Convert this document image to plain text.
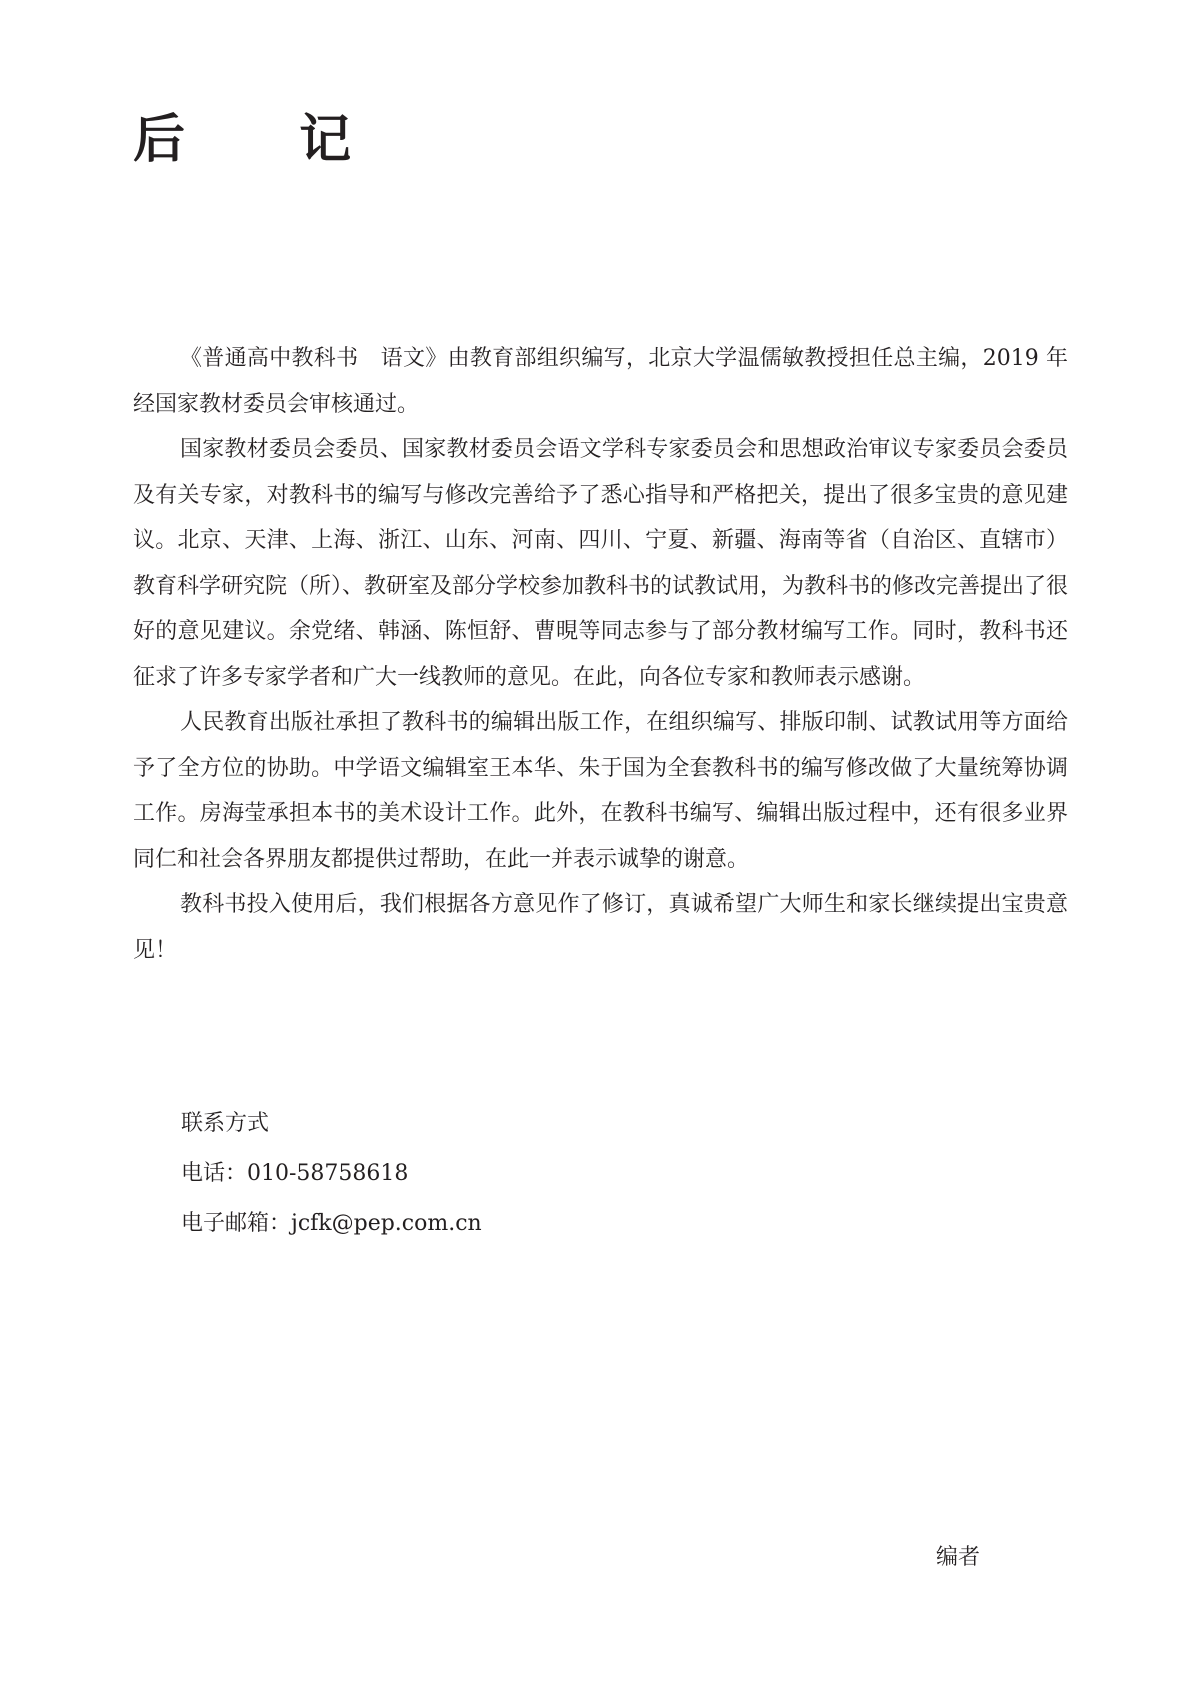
后 记

《普通高中教科书　语文》由教育部组织编写，北京大学温儒敏教授担任总主编，2019 年经国家教材委员会审核通过。

国家教材委员会委员、国家教材委员会语文学科专家委员会和思想政治审议专家委员会委员及有关专家，对教科书的编写与修改完善给予了悉心指导和严格把关，提出了很多宝贵的意见建议。北京、天津、上海、浙江、山东、河南、四川、宁夏、新疆、海南等省（自治区、直辖市）教育科学研究院（所）、教研室及部分学校参加教科书的试教试用，为教科书的修改完善提出了很好的意见建议。余党绪、韩涵、陈恒舒、曹晛等同志参与了部分教材编写工作。同时，教科书还征求了许多专家学者和广大一线教师的意见。在此，向各位专家和教师表示感谢。

人民教育出版社承担了教科书的编辑出版工作，在组织编写、排版印制、试教试用等方面给予了全方位的协助。中学语文编辑室王本华、朱于国为全套教科书的编写修改做了大量统筹协调工作。房海莹承担本书的美术设计工作。此外，在教科书编写、编辑出版过程中，还有很多业界同仁和社会各界朋友都提供过帮助，在此一并表示诚挚的谢意。

教科书投入使用后，我们根据各方意见作了修订，真诚希望广大师生和家长继续提出宝贵意见！

联系方式
电话：010-58758618
电子邮箱：jcfk@pep.com.cn
编者
